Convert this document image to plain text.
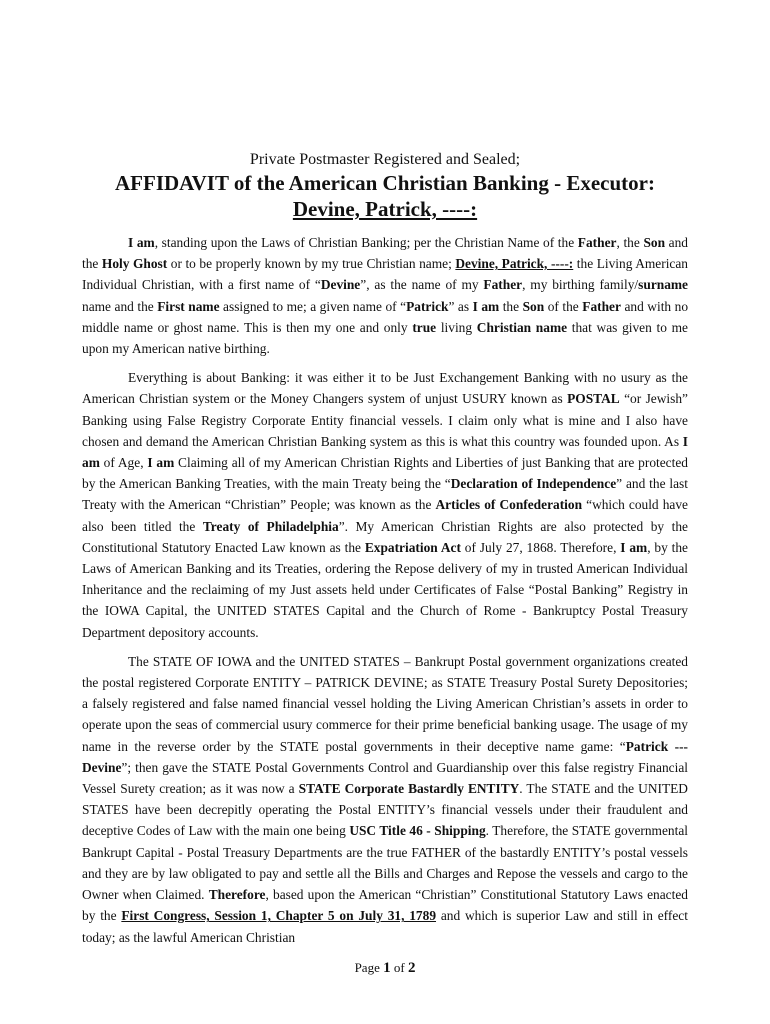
Private Postmaster Registered and Sealed;
AFFIDAVIT of the American Christian Banking - Executor:
Devine, Patrick, ----:

I am, standing upon the Laws of Christian Banking; per the Christian Name of the Father, the Son and the Holy Ghost or to be properly known by my true Christian name; Devine, Patrick, ----: the Living American Individual Christian, with a first name of “Devine”, as the name of my Father, my birthing family/surname name and the First name assigned to me; a given name of “Patrick” as I am the Son of the Father and with no middle name or ghost name. This is then my one and only true living Christian name that was given to me upon my American native birthing.

Everything is about Banking: it was either it to be Just Exchangement Banking with no usury as the American Christian system or the Money Changers system of unjust USURY known as POSTAL “or Jewish” Banking using False Registry Corporate Entity financial vessels. I claim only what is mine and I also have chosen and demand the American Christian Banking system as this is what this country was founded upon. As I am of Age, I am Claiming all of my American Christian Rights and Liberties of just Banking that are protected by the American Banking Treaties, with the main Treaty being the “Declaration of Independence” and the last Treaty with the American “Christian” People; was known as the Articles of Confederation “which could have also been titled the Treaty of Philadelphia”. My American Christian Rights are also protected by the Constitutional Statutory Enacted Law known as the Expatriation Act of July 27, 1868. Therefore, I am, by the Laws of American Banking and its Treaties, ordering the Repose delivery of my in trusted American Individual Inheritance and the reclaiming of my Just assets held under Certificates of False “Postal Banking” Registry in the IOWA Capital, the UNITED STATES Capital and the Church of Rome - Bankruptcy Postal Treasury Department depository accounts.

The STATE OF IOWA and the UNITED STATES – Bankrupt Postal government organizations created the postal registered Corporate ENTITY – PATRICK DEVINE; as STATE Treasury Postal Surety Depositories; a falsely registered and false named financial vessel holding the Living American Christian’s assets in order to operate upon the seas of commercial usury commerce for their prime beneficial banking usage. The usage of my name in the reverse order by the STATE postal governments in their deceptive name game: “Patrick --- Devine”; then gave the STATE Postal Governments Control and Guardianship over this false registry Financial Vessel Surety creation; as it was now a STATE Corporate Bastardly ENTITY. The STATE and the UNITED STATES have been decrepitly operating the Postal ENTITY’s financial vessels under their fraudulent and deceptive Codes of Law with the main one being USC Title 46 - Shipping. Therefore, the STATE governmental Bankrupt Capital - Postal Treasury Departments are the true FATHER of the bastardly ENTITY’s postal vessels and they are by law obligated to pay and settle all the Bills and Charges and Repose the vessels and cargo to the Owner when Claimed. Therefore, based upon the American “Christian” Constitutional Statutory Laws enacted by the First Congress, Session 1, Chapter 5 on July 31, 1789 and which is superior Law and still in effect today; as the lawful American Christian

Page 1 of 2
